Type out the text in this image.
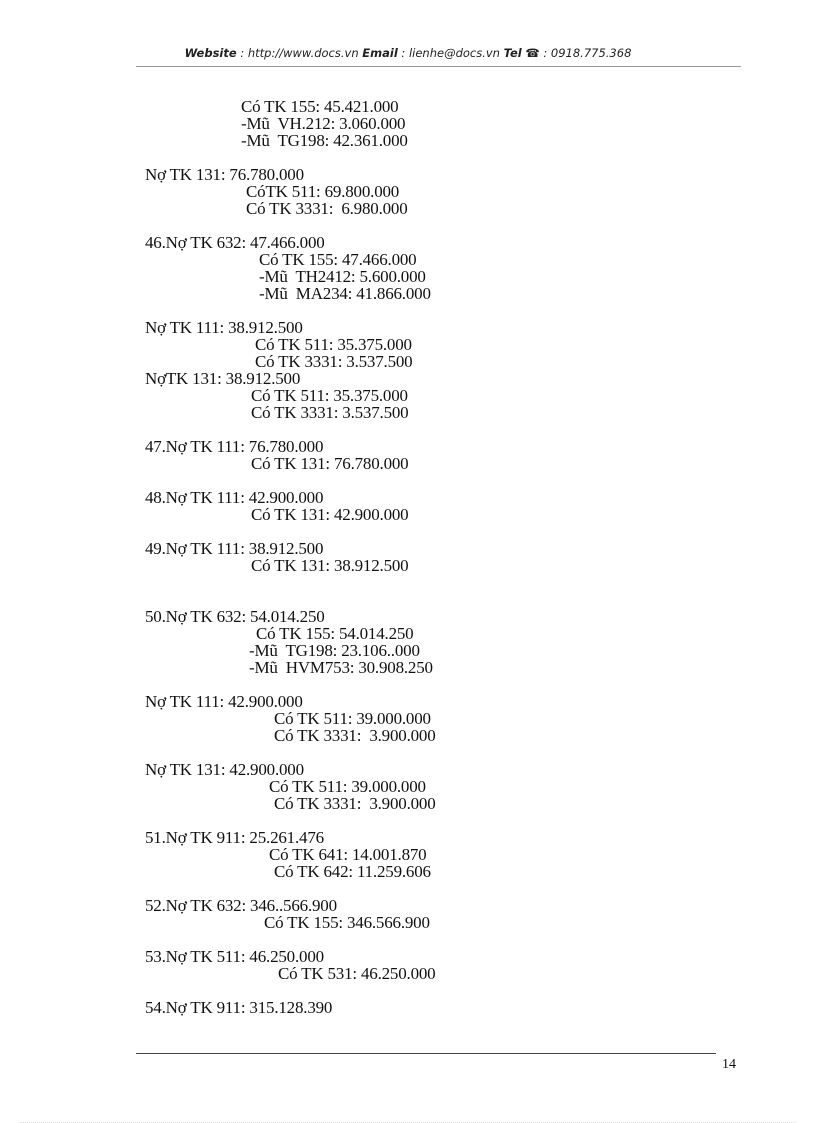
Website : http://www.docs.vn Email : lienhe@docs.vn Tel ☎ : 0918.775.368
Có TK 155: 45.421.000
-Mũ  VH.212: 3.060.000
-Mũ  TG198: 42.361.000
Nợ TK 131: 76.780.000
CóTK 511: 69.800.000
Có TK 3331:  6.980.000
46.Nợ TK 632: 47.466.000
Có TK 155: 47.466.000
-Mũ  TH2412: 5.600.000
-Mũ  MA234: 41.866.000
Nợ TK 111: 38.912.500
Có TK 511: 35.375.000
Có TK 3331: 3.537.500
NợTK 131: 38.912.500
Có TK 511: 35.375.000
Có TK 3331: 3.537.500
47.Nợ TK 111: 76.780.000
Có TK 131: 76.780.000
48.Nợ TK 111: 42.900.000
Có TK 131: 42.900.000
49.Nợ TK 111: 38.912.500
Có TK 131: 38.912.500
50.Nợ TK 632: 54.014.250
Có TK 155: 54.014.250
-Mũ  TG198: 23.106..000
-Mũ  HVM753: 30.908.250
Nợ TK 111: 42.900.000
Có TK 511: 39.000.000
Có TK 3331:  3.900.000
Nợ TK 131: 42.900.000
Có TK 511: 39.000.000
Có TK 3331:  3.900.000
51.Nợ TK 911: 25.261.476
Có TK 641: 14.001.870
Có TK 642: 11.259.606
52.Nợ TK 632: 346..566.900
Có TK 155: 346.566.900
53.Nợ TK 511: 46.250.000
Có TK 531: 46.250.000
54.Nợ TK 911: 315.128.390
14
